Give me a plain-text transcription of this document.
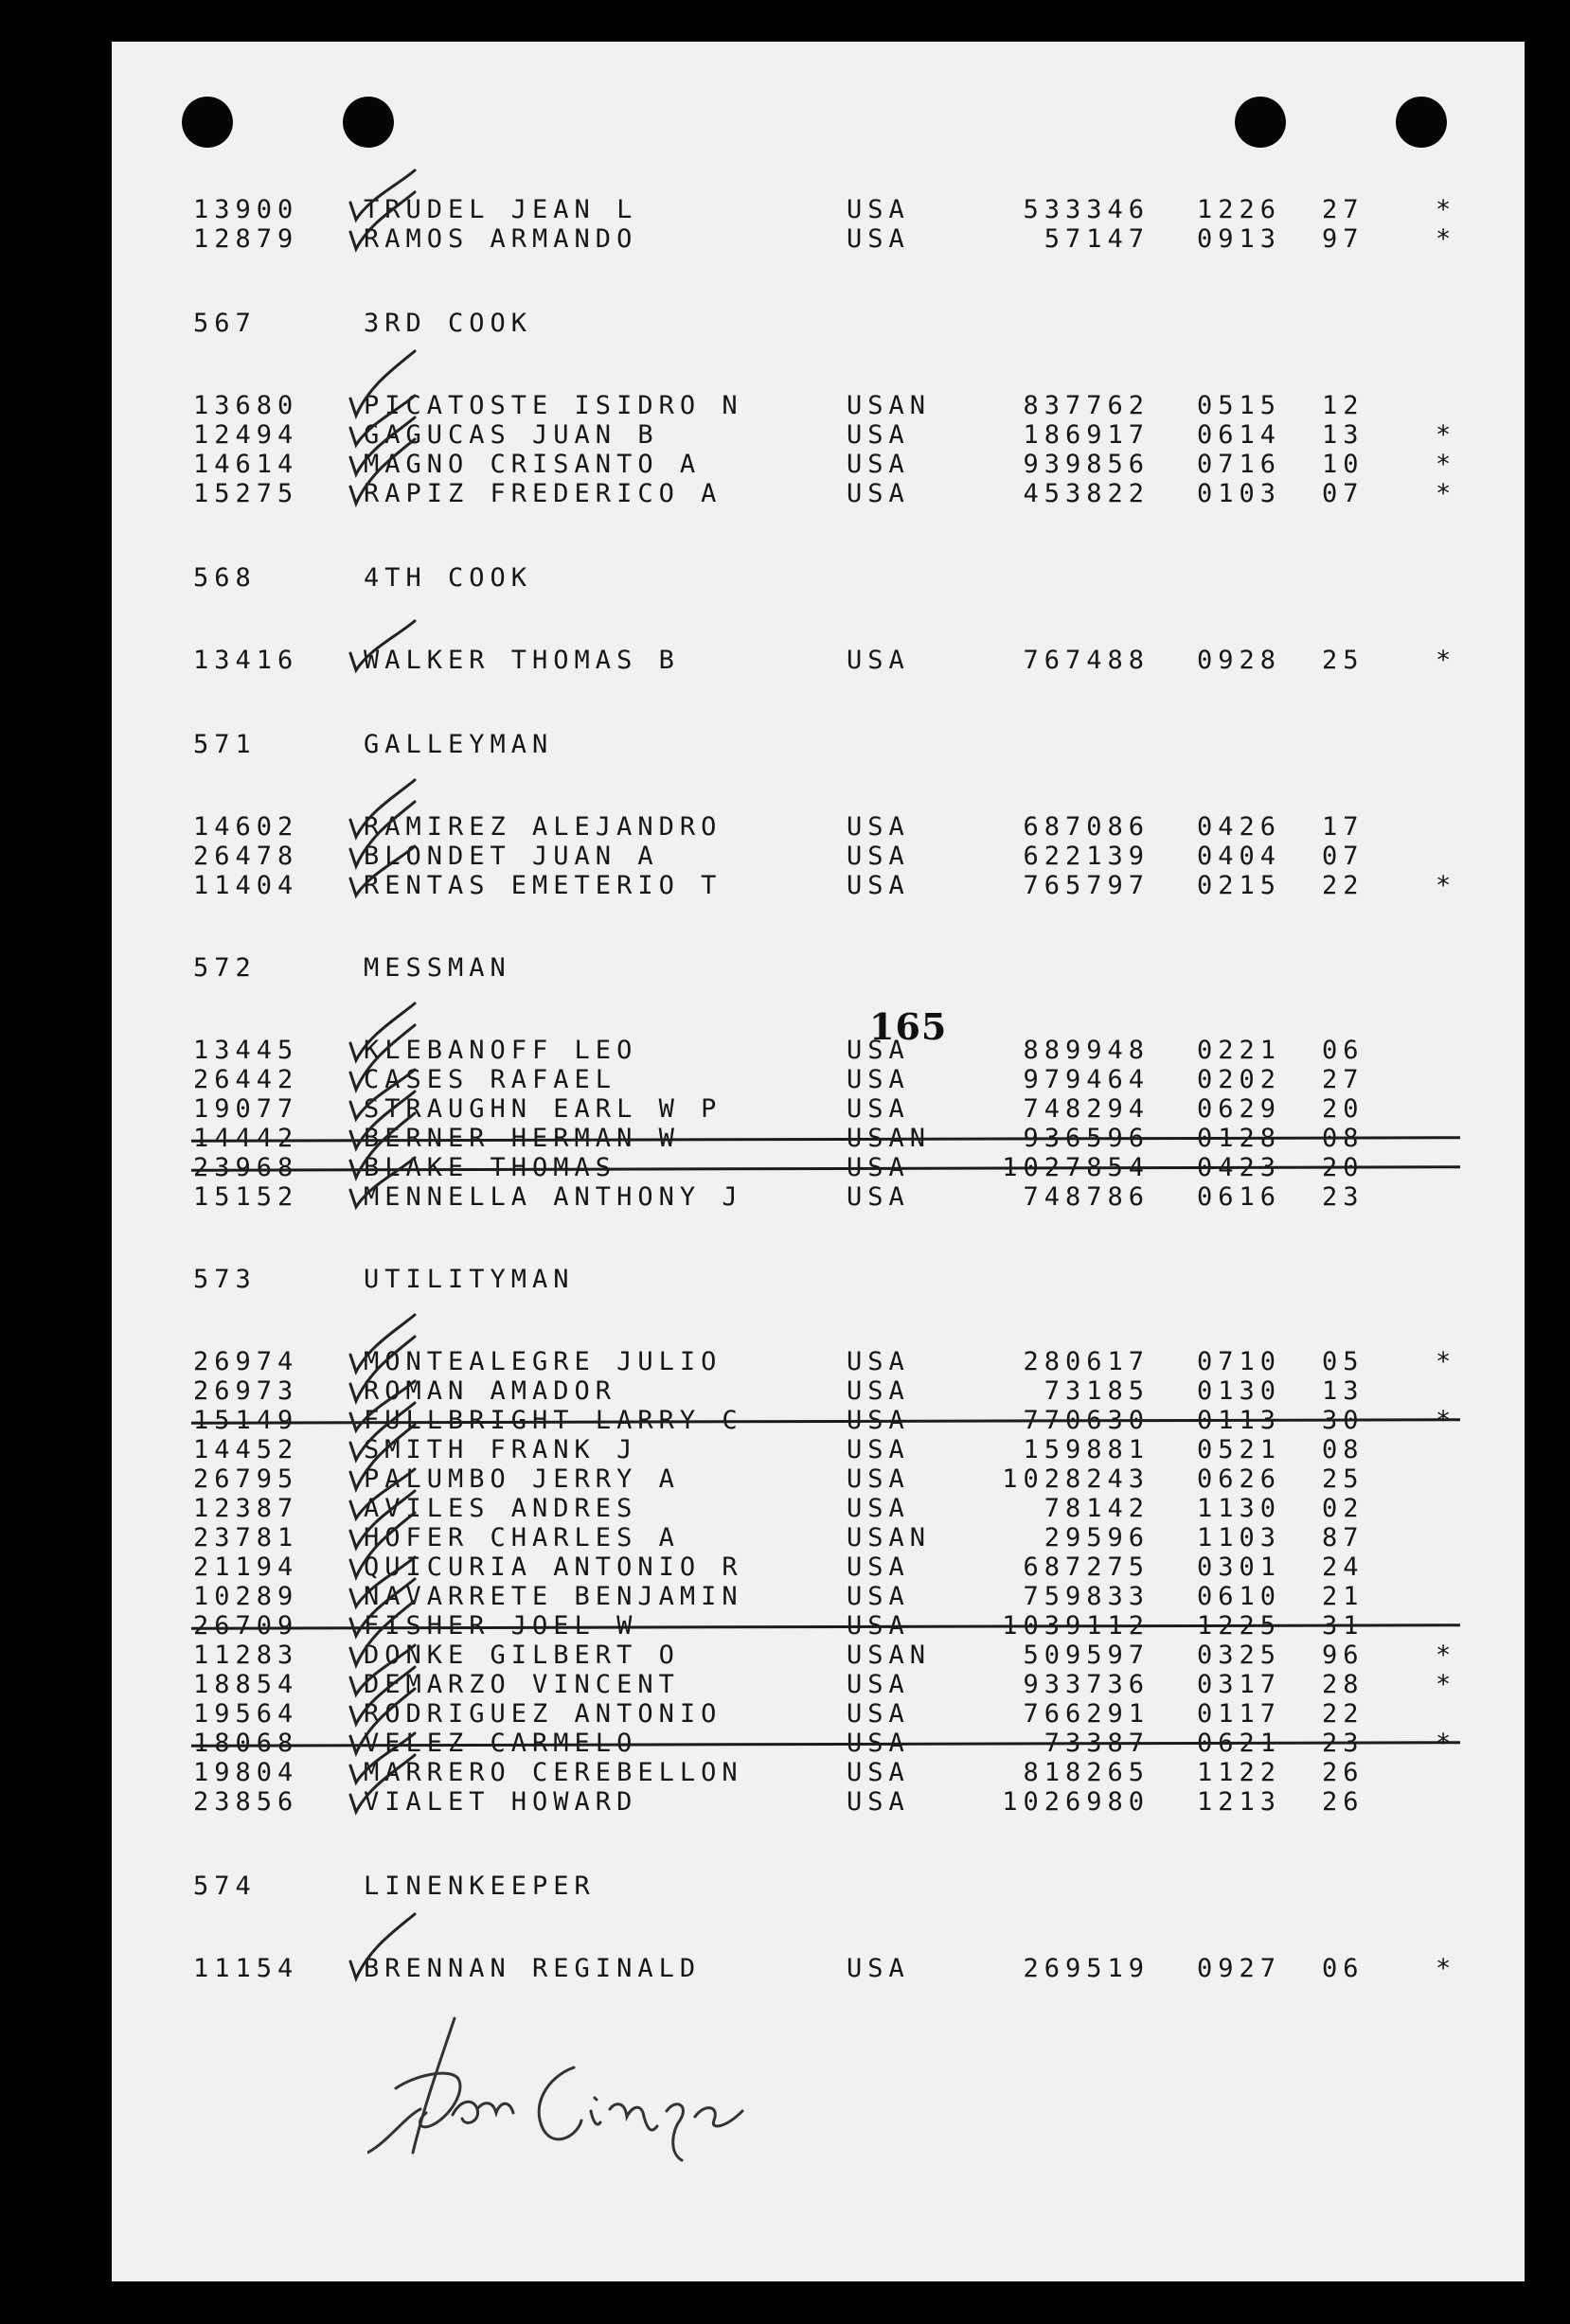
13900	TRUDEL JEAN L	USA	533346 1226 27	*
12879	RAMOS ARMANDO	USA	57147 0913 97	*
567	3RD COOK
13680	PICATOSTE ISIDRO N	USAN	837762 0515 12
12494	GAGUCAS JUAN B	USA	186917 0614 13	*
14614	MAGNO CRISANTO A	USA	939856 0716 10	*
15275	RAPIZ FREDERICO A	USA	453822 0103 07	*
568	4TH COOK
13416	WALKER THOMAS B	USA	767488 0928 25	*
571	GALLEYMAN
14602	RAMIREZ ALEJANDRO	USA	687086 0426 17
26478	BLONDET JUAN A	USA	622139 0404 07
11404	RENTAS EMETERIO T	USA	765797 0215 22	*
572	MESSMAN
13445	KLEBANOFF LEO	USA	889948 0221 06
26442	CASES RAFAEL	USA	979464 0202 27
19077	STRAUGHN EARL W P	USA	748294 0629 20
14442	BERNER HERMAN W	USAN	936596 0128 08
23968	BLAKE THOMAS	USA	1027854 0423 20
15152	MENNELLA ANTHONY J	USA	748786 0616 23
573	UTILITYMAN
26974	MONTEALEGRE JULIO	USA	280617 0710 05	*
26973	ROMAN AMADOR	USA	73185 0130 13
15149	FULLBRIGHT LARRY C	USA	770630 0113 30	*
14452	SMITH FRANK J	USA	159881 0521 08
26795	PALUMBO JERRY A	USA	1028243 0626 25
12387	AVILES ANDRES	USA	78142 1130 02
23781	HOFER CHARLES A	USAN	29596 1103 87
21194	QUICURIA ANTONIO R	USA	687275 0301 24
10289	NAVARRETE BENJAMIN	USA	759833 0610 21
26709	FISHER JOEL W	USA	1039112 1225 31
11283	DONKE GILBERT O	USAN	509597 0325 96	*
18854	DEMARZO VINCENT	USA	933736 0317 28	*
19564	RODRIGUEZ ANTONIO	USA	766291 0117 22
18068	VELEZ CARMELO	USA	73387 0621 23	*
19804	MARRERO CEREBELLON	USA	818265 1122 26
23856	VIALET HOWARD	USA	1026980 1213 26
574	LINENKEEPER
11154	BRENNAN REGINALD	USA	269519 0927 06	*
165
